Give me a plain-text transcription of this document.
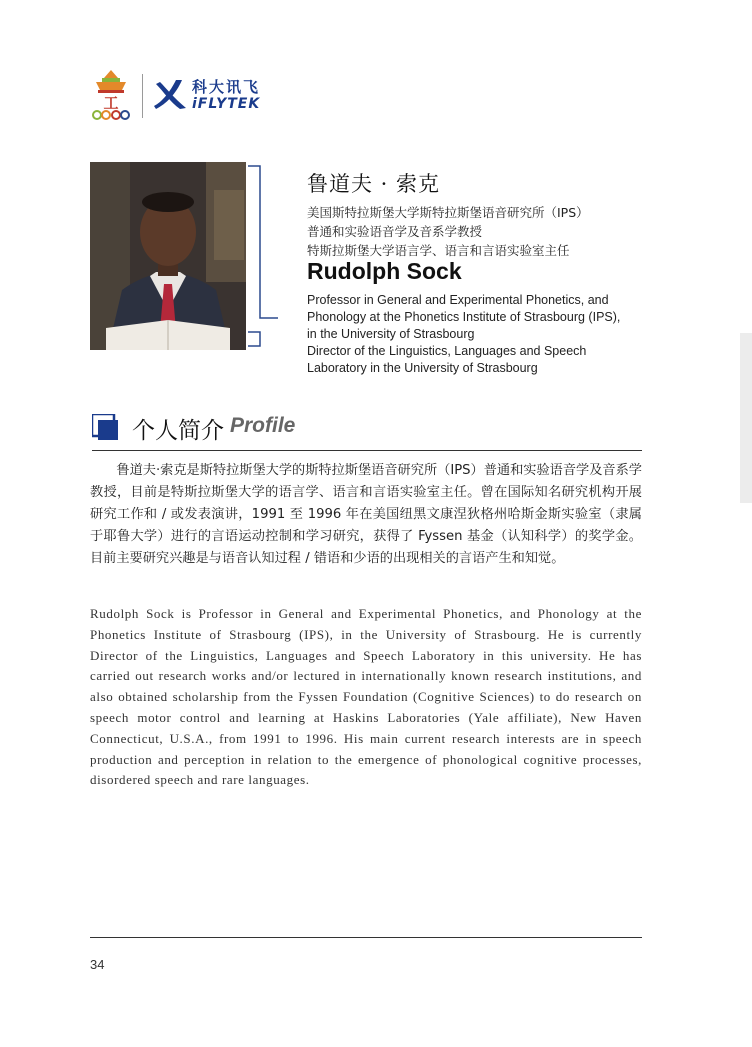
工
科大讯飞
iFLYTEK
鲁道夫 · 索克
美国斯特拉斯堡大学斯特拉斯堡语音研究所（IPS）
普通和实验语音学及音系学教授
特斯拉斯堡大学语言学、语言和言语实验室主任
Rudolph Sock
Professor in General and Experimental Phonetics, and
Phonology at the Phonetics Institute of Strasbourg (IPS),
in the University of Strasbourg
Director of the Linguistics, Languages and Speech
Laboratory in the University of Strasbourg
个人简介 Profile

鲁道夫·索克是斯特拉斯堡大学的斯特拉斯堡语音研究所（IPS）普通和实验语音学及音系学教授，目前是特斯拉斯堡大学的语言学、语言和言语实验室主任。曾在国际知名研究机构开展研究工作和 / 或发表演讲，1991 至 1996 年在美国纽黑文康涅狄格州哈斯金斯实验室（隶属于耶鲁大学）进行的言语运动控制和学习研究，获得了 Fyssen 基金（认知科学）的奖学金。目前主要研究兴趣是与语音认知过程 / 错语和少语的出现相关的言语产生和知觉。

Rudolph Sock is Professor in General and Experimental Phonetics, and Phonology at the Phonetics Institute of Strasbourg (IPS), in the University of Strasbourg. He is currently Director of the Linguistics, Languages and Speech Laboratory in this university. He has carried out research works and/or lectured in internationally known research institutions, and also obtained scholarship from the Fyssen Foundation (Cognitive Sciences) to do research on speech motor control and learning at Haskins Laboratories (Yale affiliate), New Haven Connecticut, U.S.A., from 1991 to 1996. His main current research interests are in speech production and perception in relation to the emergence of phonological cognitive processes, disordered speech and rare languages.

34
